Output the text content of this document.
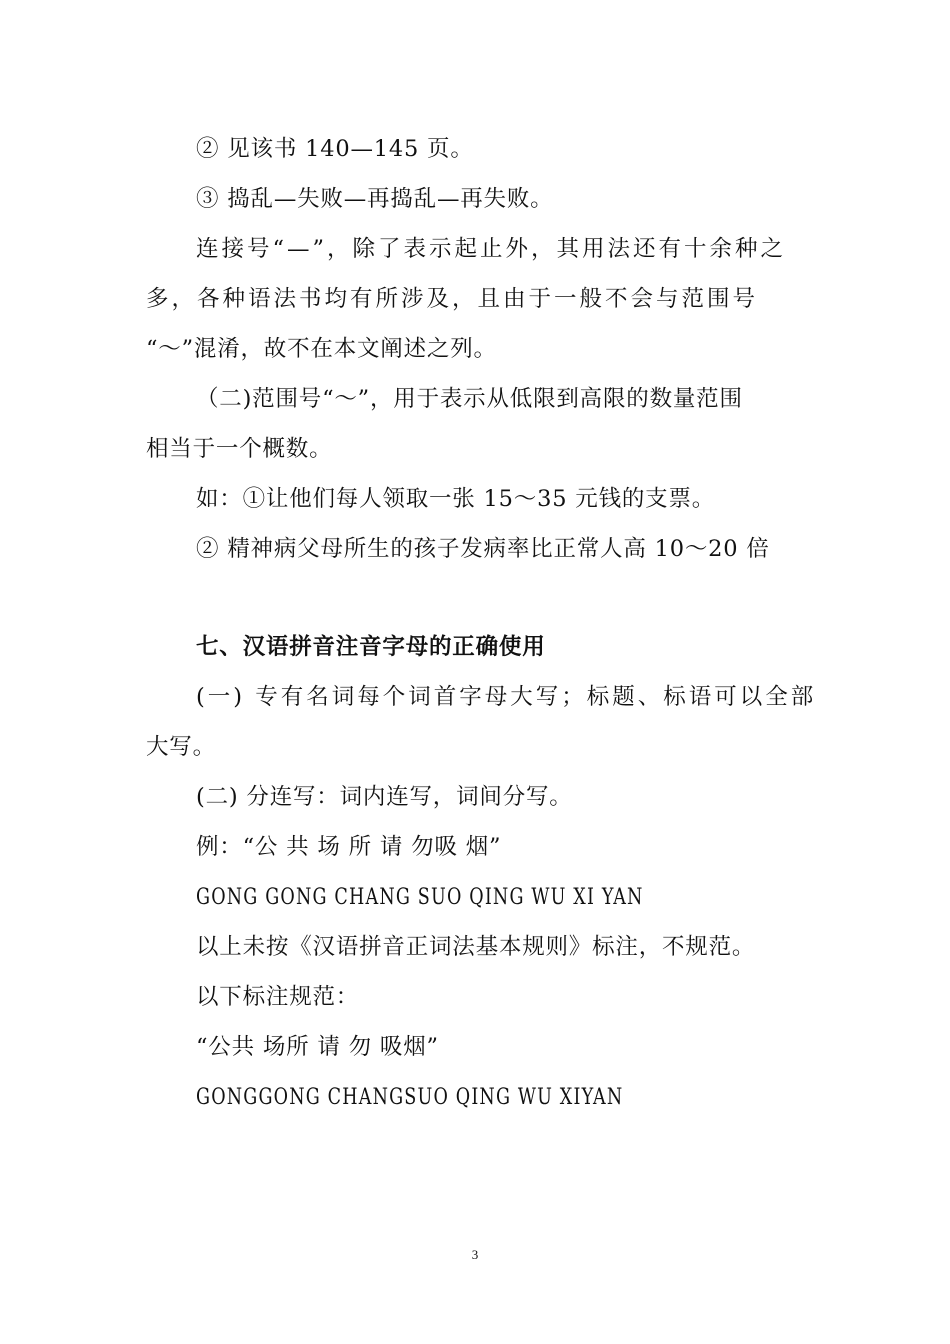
② 见该书 140—145 页。
③ 捣乱—失败—再捣乱—再失败。
连接号“—”，除了表示起止外，其用法还有十余种之
多，各种语法书均有所涉及，且由于一般不会与范围号
“～”混淆，故不在本文阐述之列。
（二)范围号“～”，用于表示从低限到高限的数量范围
相当于一个概数。
如：①让他们每人领取一张 15～35 元钱的支票。
② 精神病父母所生的孩子发病率比正常人高 10～20 倍
七、汉语拼音注音字母的正确使用
(一) 专有名词每个词首字母大写；标题、标语可以全部
大写。
(二) 分连写：词内连写，词间分写。
例：“公 共 场 所 请 勿吸 烟”
GONG GONG CHANG SUO QING WU XI YAN
以上未按《汉语拼音正词法基本规则》标注，不规范。
以下标注规范：
“公共 场所 请 勿 吸烟”
GONGGONG CHANGSUO QING WU XIYAN
3
